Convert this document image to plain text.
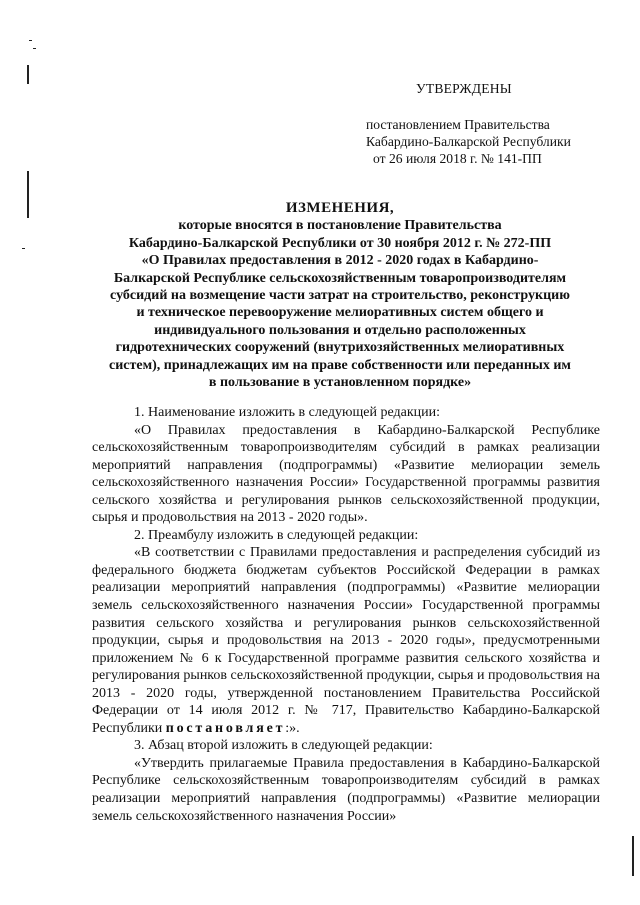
УТВЕРЖДЕНЫ
постановлением Правительства
Кабардино-Балкарской Республики
от 26 июля 2018 г. № 141-ПП
ИЗМЕНЕНИЯ,
которые вносятся в постановление Правительства
Кабардино-Балкарской Республики от 30 ноября 2012 г. № 272-ПП
«О Правилах предоставления в 2012 - 2020 годах в Кабардино-
Балкарской Республике сельскохозяйственным товаропроизводителям
субсидий на возмещение части затрат на строительство, реконструкцию
и техническое перевооружение мелиоративных систем общего и
индивидуального пользования и отдельно расположенных
гидротехнических сооружений (внутрихозяйственных мелиоративных
систем), принадлежащих им на праве собственности или переданных им
в пользование в установленном порядке»

1. Наименование изложить в следующей редакции:

«О Правилах предоставления в Кабардино-Балкарской Республике сельскохозяйственным товаропроизводителям субсидий в рамках реализации мероприятий направления (подпрограммы) «Развитие мелиорации земель сельскохозяйственного назначения России» Государственной программы развития сельского хозяйства и регулирования рынков сельскохозяйственной продукции, сырья и продовольствия на 2013 - 2020 годы».

2. Преамбулу изложить в следующей редакции:

«В соответствии с Правилами предоставления и распределения субсидий из федерального бюджета бюджетам субъектов Российской Федерации в рамках реализации мероприятий направления (подпрограммы) «Развитие мелиорации земель сельскохозяйственного назначения России» Государственной программы развития сельского хозяйства и регулирования рынков сельскохозяйственной продукции, сырья и продовольствия на 2013 - 2020 годы», предусмотренными приложением № 6 к Государственной программе развития сельского хозяйства и регулирования рынков сельскохозяйственной продукции, сырья и продовольствия на 2013 - 2020 годы, утвержденной постановлением Правительства Российской Федерации от 14 июля 2012 г. № 717, Правительство Кабардино-Балкарской Республики постановляет:».

3. Абзац второй изложить в следующей редакции:

«Утвердить прилагаемые Правила предоставления в Кабардино-Балкарской Республике сельскохозяйственным товаропроизводителям субсидий в рамках реализации мероприятий направления (подпрограммы) «Развитие мелиорации земель сельскохозяйственного назначения России»
